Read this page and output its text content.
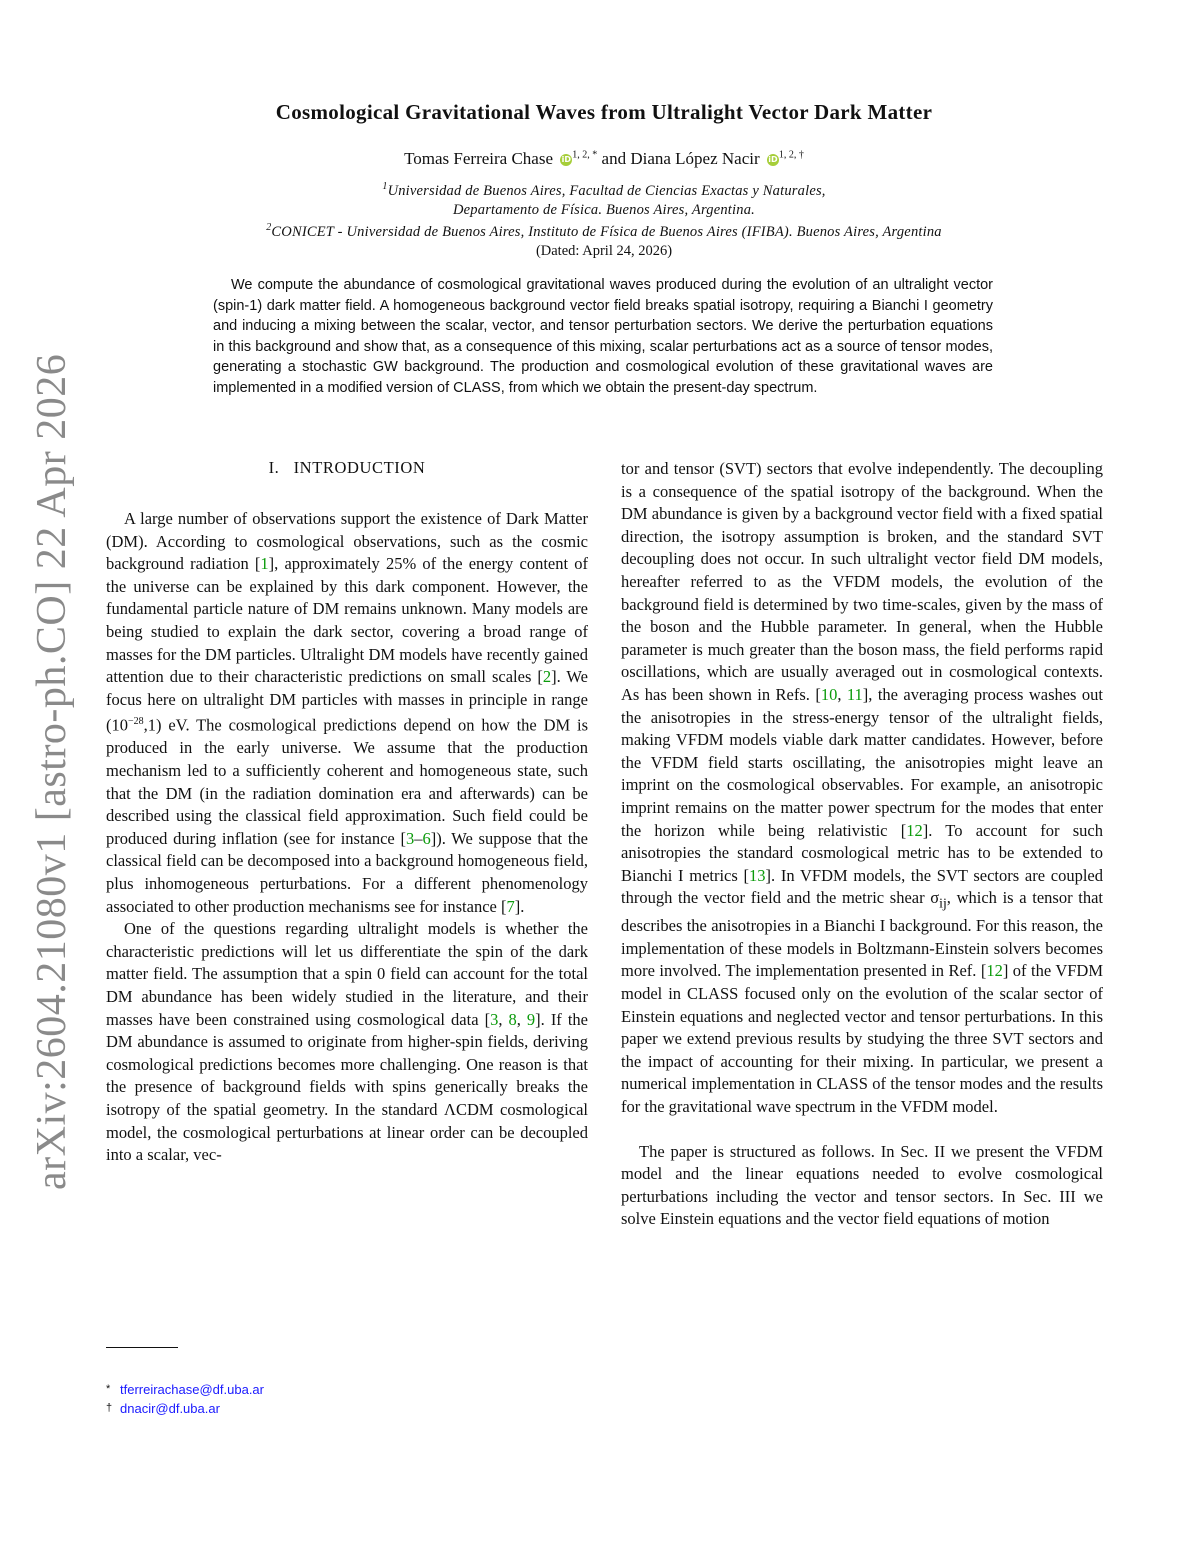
arXiv:2604.21080v1 [astro-ph.CO] 22 Apr 2026
Cosmological Gravitational Waves from Ultralight Vector Dark Matter
Tomas Ferreira Chase $iD^{1, 2, *}$ and Diana López Nacir $iD^{1, 2, \dagger}$
$^1$Universidad de Buenos Aires, Facultad de Ciencias Exactas y Naturales,
Departamento de Física. Buenos Aires, Argentina.
$^2$CONICET - Universidad de Buenos Aires, Instituto de Física de Buenos Aires (IFIBA). Buenos Aires, Argentina
(Dated: April 24, 2026)

We compute the abundance of cosmological gravitational waves produced during the evolution of an ultralight vector (spin-1) dark matter field. A homogeneous background vector field breaks spatial isotropy, requiring a Bianchi I geometry and inducing a mixing between the scalar, vector, and tensor perturbation sectors. We derive the perturbation equations in this background and show that, as a consequence of this mixing, scalar perturbations act as a source of tensor modes, generating a stochastic GW background. The production and cosmological evolution of these gravitational waves are implemented in a modified version of CLASS, from which we obtain the present-day spectrum.

I. INTRODUCTION

A large number of observations support the existence of Dark Matter (DM). According to cosmological observations, such as the cosmic background radiation [1], approximately 25% of the energy content of the universe can be explained by this dark component. However, the fundamental particle nature of DM remains unknown. Many models are being studied to explain the dark sector, covering a broad range of masses for the DM particles. Ultralight DM models have recently gained attention due to their characteristic predictions on small scales [2]. We focus here on ultralight DM particles with masses in principle in range $(10^{-28},1)$ eV. The cosmological predictions depend on how the DM is produced in the early universe. We assume that the production mechanism led to a sufficiently coherent and homogeneous state, such that the DM (in the radiation domination era and afterwards) can be described using the classical field approximation. Such field could be produced during inflation (see for instance [3–6]). We suppose that the classical field can be decomposed into a background homogeneous field, plus inhomogeneous perturbations. For a different phenomenology associated to other production mechanisms see for instance [7].

One of the questions regarding ultralight models is whether the characteristic predictions will let us differentiate the spin of the dark matter field. The assumption that a spin 0 field can account for the total DM abundance has been widely studied in the literature, and their masses have been constrained using cosmological data [3, 8, 9]. If the DM abundance is assumed to originate from higher-spin fields, deriving cosmological predictions becomes more challenging. One reason is that the presence of background fields with spins generically breaks the isotropy of the spatial geometry. In the standard ΛCDM cosmological model, the cosmological perturbations at linear order can be decoupled into a scalar, vec-

* tferreirachase@df.uba.ar
† dnacir@df.uba.ar

tor and tensor (SVT) sectors that evolve independently. The decoupling is a consequence of the spatial isotropy of the background. When the DM abundance is given by a background vector field with a fixed spatial direction, the isotropy assumption is broken, and the standard SVT decoupling does not occur. In such ultralight vector field DM models, hereafter referred to as the VFDM models, the evolution of the background field is determined by two time-scales, given by the mass of the boson and the Hubble parameter. In general, when the Hubble parameter is much greater than the boson mass, the field performs rapid oscillations, which are usually averaged out in cosmological contexts. As has been shown in Refs. [10, 11], the averaging process washes out the anisotropies in the stress-energy tensor of the ultralight fields, making VFDM models viable dark matter candidates. However, before the VFDM field starts oscillating, the anisotropies might leave an imprint on the cosmological observables. For example, an anisotropic imprint remains on the matter power spectrum for the modes that enter the horizon while being relativistic [12]. To account for such anisotropies the standard cosmological metric has to be extended to Bianchi I metrics [13]. In VFDM models, the SVT sectors are coupled through the vector field and the metric shear $\sigma_{ij}$, which is a tensor that describes the anisotropies in a Bianchi I background. For this reason, the implementation of these models in Boltzmann-Einstein solvers becomes more involved. The implementation presented in Ref. [12] of the VFDM model in CLASS focused only on the evolution of the scalar sector of Einstein equations and neglected vector and tensor perturbations. In this paper we extend previous results by studying the three SVT sectors and the impact of accounting for their mixing. In particular, we present a numerical implementation in CLASS of the tensor modes and the results for the gravitational wave spectrum in the VFDM model.

The paper is structured as follows. In Sec. II we present the VFDM model and the linear equations needed to evolve cosmological perturbations including the vector and tensor sectors. In Sec. III we solve Einstein equations and the vector field equations of motion
